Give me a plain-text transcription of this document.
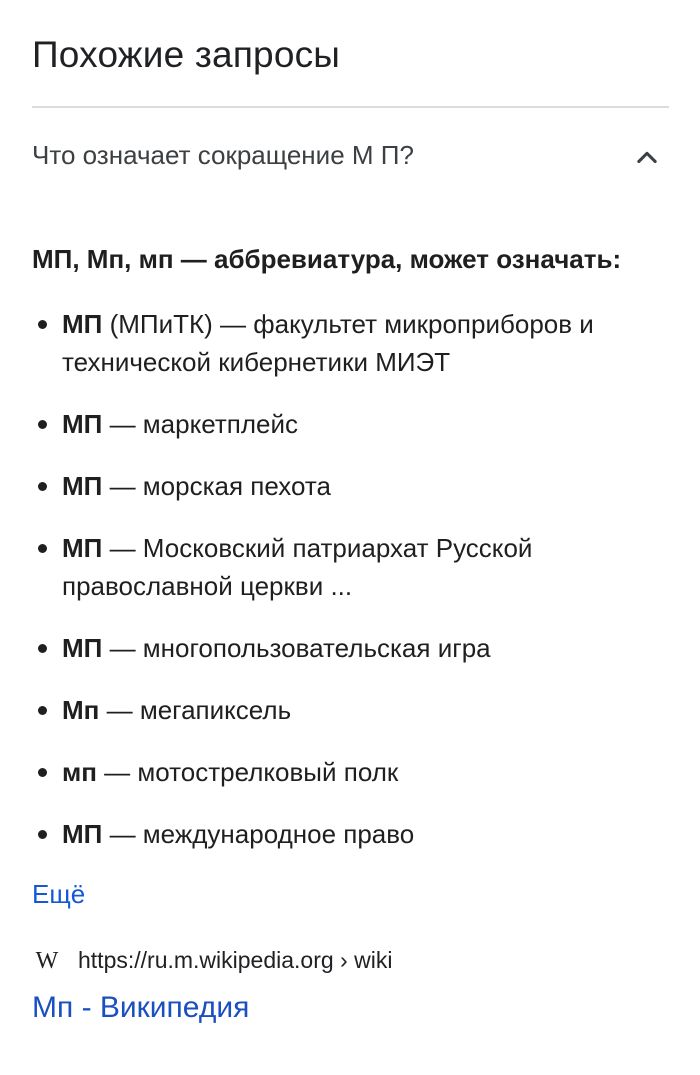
Похожие запросы
Что означает сокращение М П?
МП, Мп, мп — аббревиатура, может означать:
МП (МПиТК) — факультет микроприборов и технической кибернетики МИЭТ
МП — маркетплейс
МП — морская пехота
МП — Московский патриархат Русской православной церкви ...
МП — многопользовательская игра
Мп — мегапиксель
мп — мотострелковый полк
МП — международное право
Ещё
W https://ru.m.wikipedia.org › wiki
Мп - Википедия
